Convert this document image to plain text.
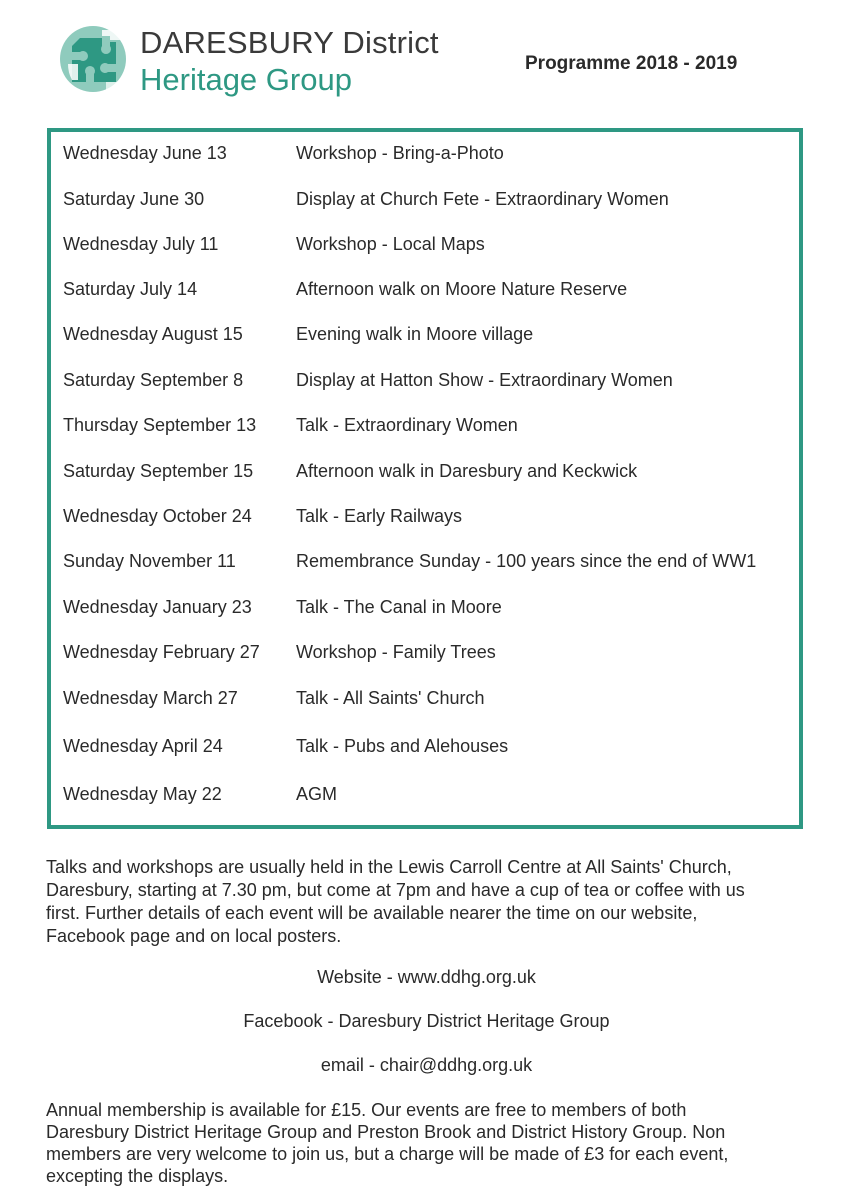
DARESBURY District
Heritage Group	Programme 2018 - 2019
Wednesday June 13	Workshop - Bring-a-Photo
Saturday June 30	Display at Church Fete - Extraordinary Women
Wednesday July 11	Workshop - Local Maps
Saturday July 14	Afternoon walk on Moore Nature Reserve
Wednesday August 15	Evening walk in Moore village
Saturday September 8	Display at Hatton Show - Extraordinary Women
Thursday September 13 Talk - Extraordinary Women
Saturday September 15 Afternoon walk in Daresbury and Keckwick
Wednesday October 24 Talk - Early Railways
Sunday November 11	Remembrance Sunday - 100 years since the end of WW1
Wednesday January 23 Talk - The Canal in Moore
Wednesday February 27 Workshop - Family Trees
Wednesday March 27	Talk - All Saints' Church
Wednesday April 24	Talk - Pubs and Alehouses
Wednesday May 22	AGM
Talks and workshops are usually held in the Lewis Carroll Centre at All Saints' Church,
Daresbury, starting at 7.30 pm, but come at 7pm and have a cup of tea or coffee with us
first. Further details of each event will be available nearer the time on our website,
Facebook page and on local posters.
Website - www.ddhg.org.uk
Facebook - Daresbury District Heritage Group
email - chair@ddhg.org.uk
Annual membership is available for £15. Our events are free to members of both
Daresbury District Heritage Group and Preston Brook and District History Group. Non
members are very welcome to join us, but a charge will be made of £3 for each event,
excepting the displays.
